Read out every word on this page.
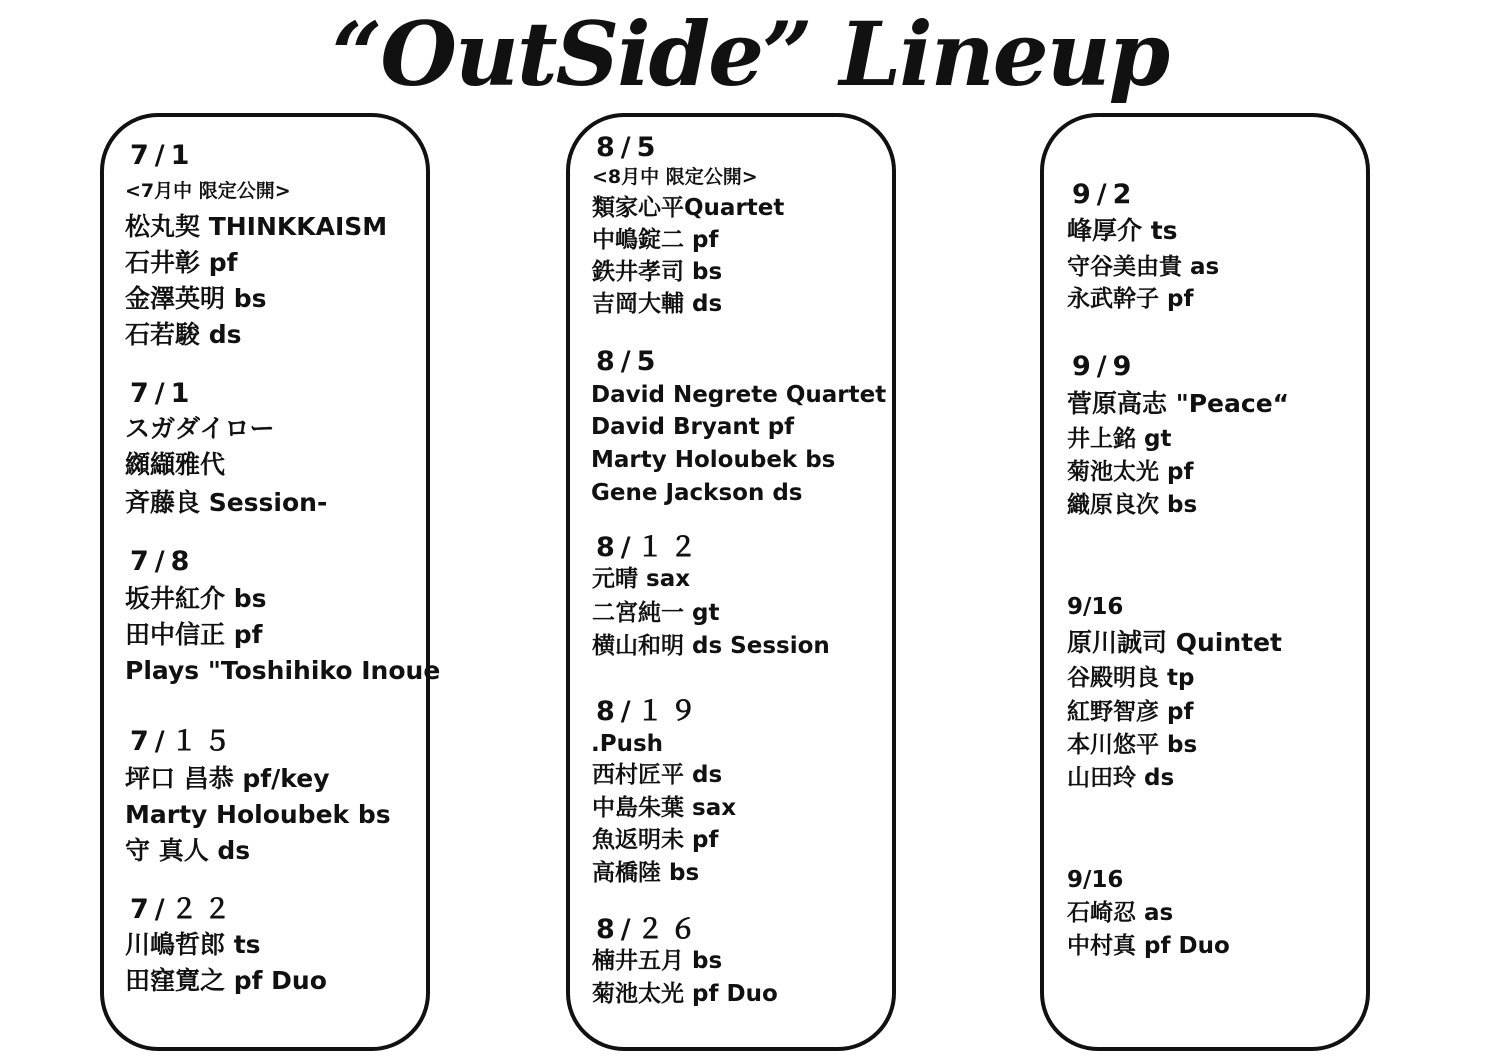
“OutSide” Lineup
7/1
<7月中 限定公開>
松丸契 THINKKAISM
石井彰 pf
金澤英明 bs
石若駿 ds
7/1
スガダイロー
纐纈雅代
斉藤良 Session-
7/8
坂井紅介 bs
田中信正 pf
Plays "Toshihiko Inoue
7/１５
坪口 昌恭 pf/key
Marty Holoubek bs
守 真人 ds
7/２２
川嶋哲郎 ts
田窪寛之 pf Duo
8/5
<8月中 限定公開>
類家心平Quartet
中嶋錠二 pf
鉄井孝司 bs
吉岡大輔 ds
8/5
David Negrete Quartet
David Bryant pf
Marty Holoubek bs
Gene Jackson ds
8/１２
元晴 sax
二宮純一 gt
横山和明 ds Session
8/１９
.Push
西村匠平 ds
中島朱葉 sax
魚返明未 pf
高橋陸 bs
8/２６
楠井五月 bs
菊池太光 pf Duo
9/2
峰厚介 ts
守谷美由貴 as
永武幹子 pf
9/9
菅原高志 "Peace“
井上銘 gt
菊池太光 pf
織原良次 bs
9/16
原川誠司 Quintet
谷殿明良 tp
紅野智彦 pf
本川悠平 bs
山田玲 ds
9/16
石崎忍 as
中村真 pf Duo
